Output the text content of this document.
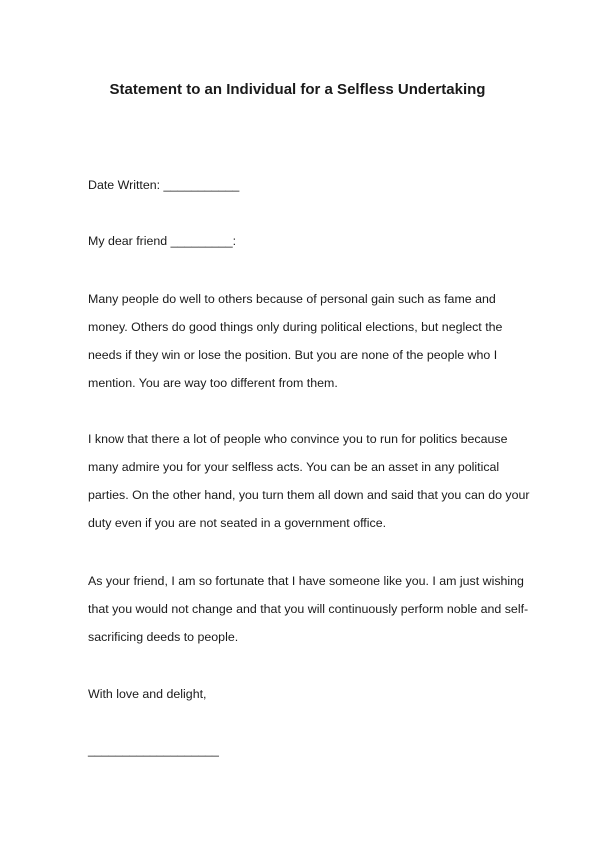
Statement to an Individual for a Selfless Undertaking

Date Written: ___________

My dear friend _________:

Many people do well to others because of personal gain such as fame and

money. Others do good things only during political elections, but neglect the

needs if they win or lose the position. But you are none of the people who I

mention. You are way too different from them.

I know that there a lot of people who convince you to run for politics because

many admire you for your selfless acts. You can be an asset in any political

parties. On the other hand, you turn them all down and said that you can do your

duty even if you are not seated in a government office.

As your friend, I am so fortunate that I have someone like you. I am just wishing

that you would not change and that you will continuously perform noble and self-

sacrificing deeds to people.

With love and delight,

___________________
